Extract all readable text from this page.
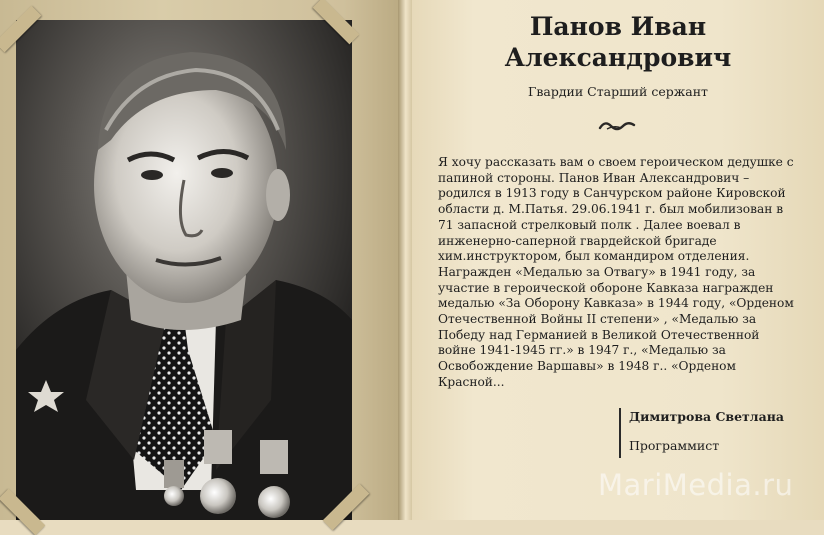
Панов Иван
Александрович
Гвардии Старший сержант

Я хочу рассказать вам о своем героическом дедушке с папиной стороны. Панов Иван Александрович – родился в 1913 году в Санчурском районе Кировской области д. М.Патья. 29.06.1941 г. был мобилизован в 71 запасной стрелковый полк . Далее воевал в инженерно-саперной гвардейской бригаде хим.инструктором, был командиром отделения. Награжден «Медалью за Отвагу» в 1941 году, за участие в героической обороне Кавказа награжден медалью «За Оборону Кавказа» в 1944 году, «Орденом Отечественной Войны II степени» , «Медалью за Победу над Германией в Великой Отечественной войне 1941-1945 гг.» в 1947 г., «Медалью за Освобождение Варшавы» в 1948 г.. «Орденом Красной...

Димитрова Светлана
Программист
MariMedia.ru
